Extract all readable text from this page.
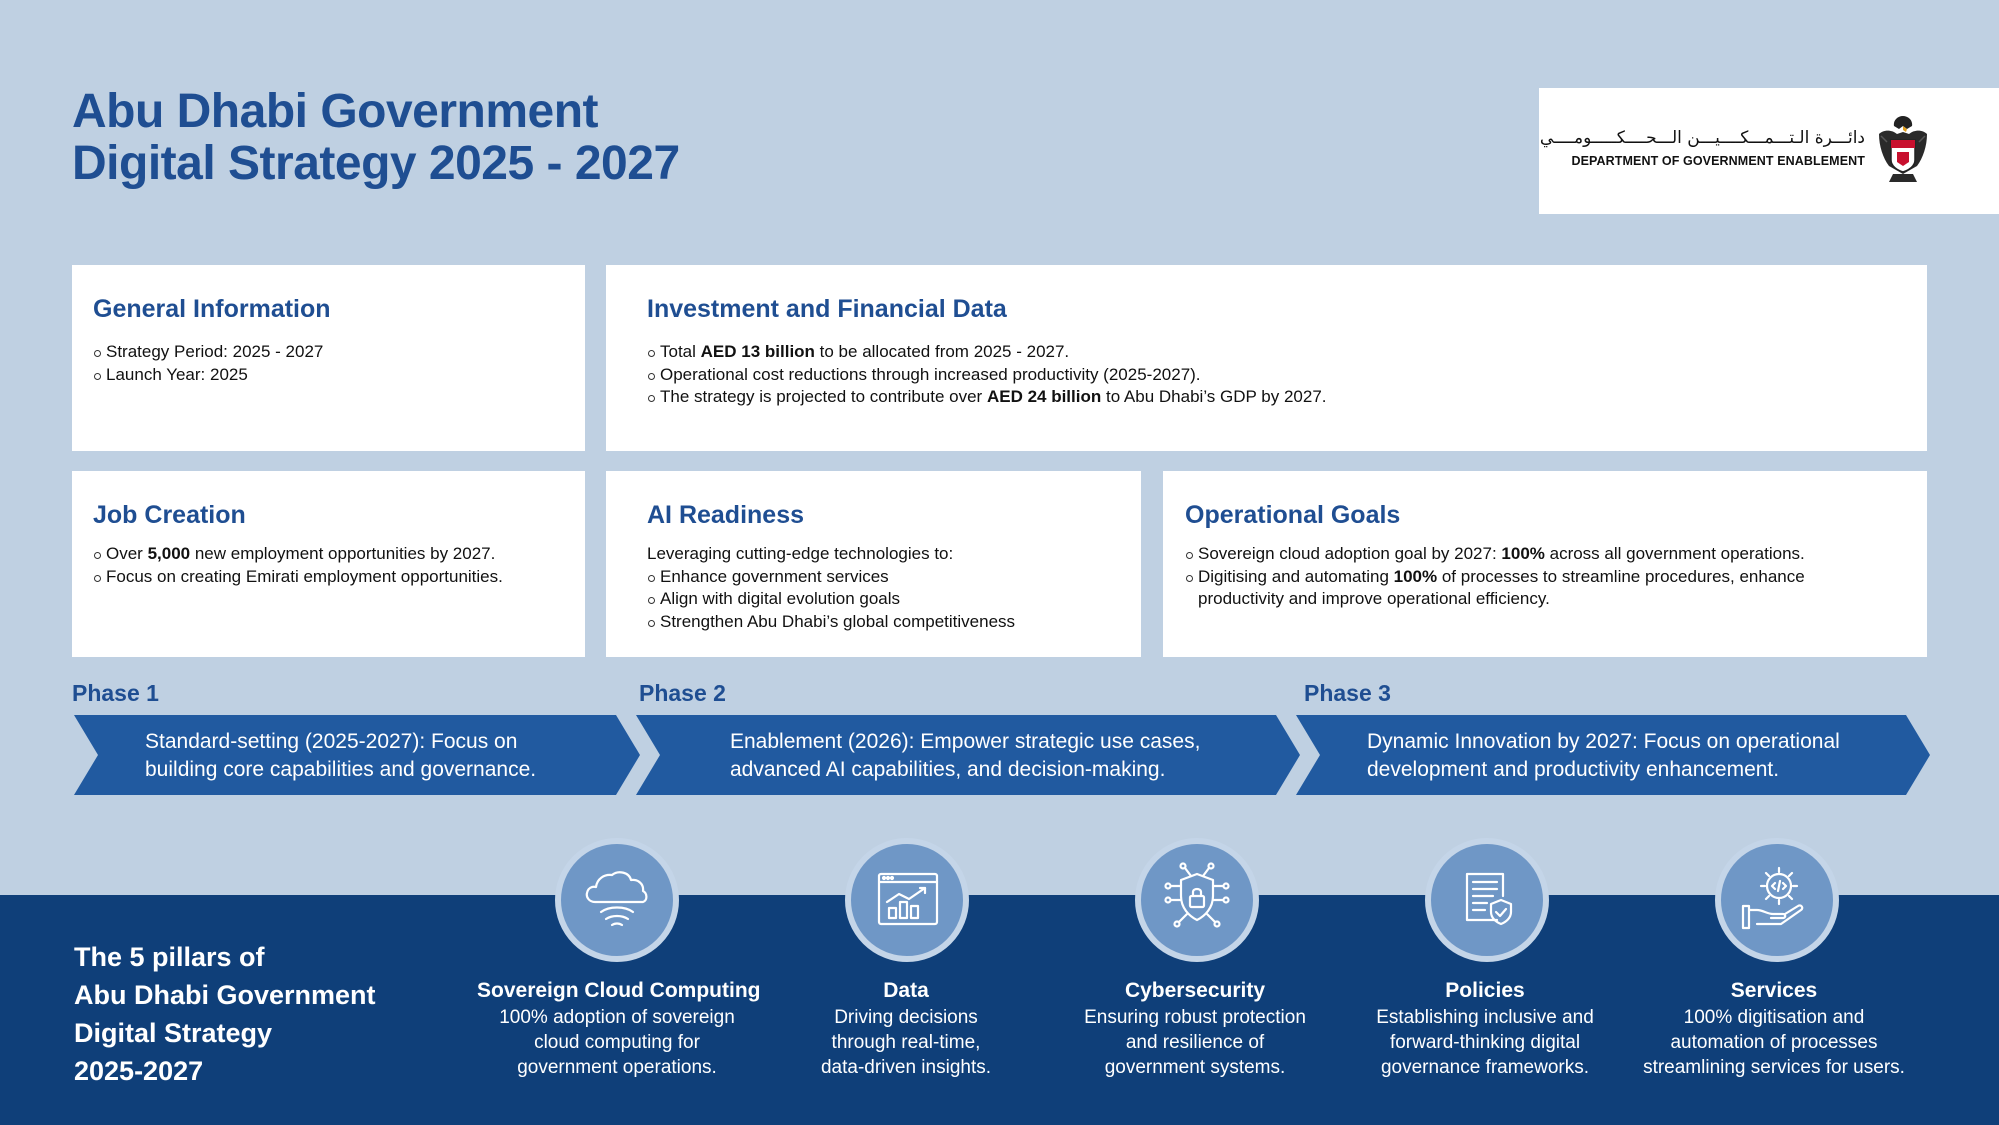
Abu Dhabi Government
Digital Strategy 2025 - 2027	دائـــرة الـتـــمـــكــــيـــن الـــحــــكـــــومــــي
DEPARTMENT OF GOVERNMENT ENABLEMENT
General Information
Strategy Period: 2025 - 2027
Launch Year: 2025
Investment and Financial Data
Total AED 13 billion to be allocated from 2025 - 2027.
Operational cost reductions through increased productivity (2025-2027).
The strategy is projected to contribute over AED 24 billion to Abu Dhabi’s GDP by 2027.
Job Creation
Over 5,000 new employment opportunities by 2027.
Focus on creating Emirati employment opportunities.
AI Readiness
Leveraging cutting-edge technologies to:
Enhance government services
Align with digital evolution goals
Strengthen Abu Dhabi’s global competitiveness
Operational Goals
Sovereign cloud adoption goal by 2027: 100% across all government operations.
Digitising and automating 100% of processes to streamline procedures, enhance
productivity and improve operational efficiency.
Phase 1	Phase 2	Phase 3
Standard-setting (2025-2027): Focus on
building core capabilities and governance.
Enablement (2026): Empower strategic use cases,
advanced AI capabilities, and decision-making.
Dynamic Innovation by 2027: Focus on operational
development and productivity enhancement.
The 5 pillars of
Abu Dhabi Government
Digital Strategy
2025-2027
Sovereign Cloud Computing
100% adoption of sovereign
cloud computing for
government operations.
Data
Driving decisions
through real-time,
data-driven insights.
Cybersecurity
Ensuring robust protection
and resilience of
government systems.
Policies
Establishing inclusive and
forward-thinking digital
governance frameworks.
Services
100% digitisation and
automation of processes
streamlining services for users.
